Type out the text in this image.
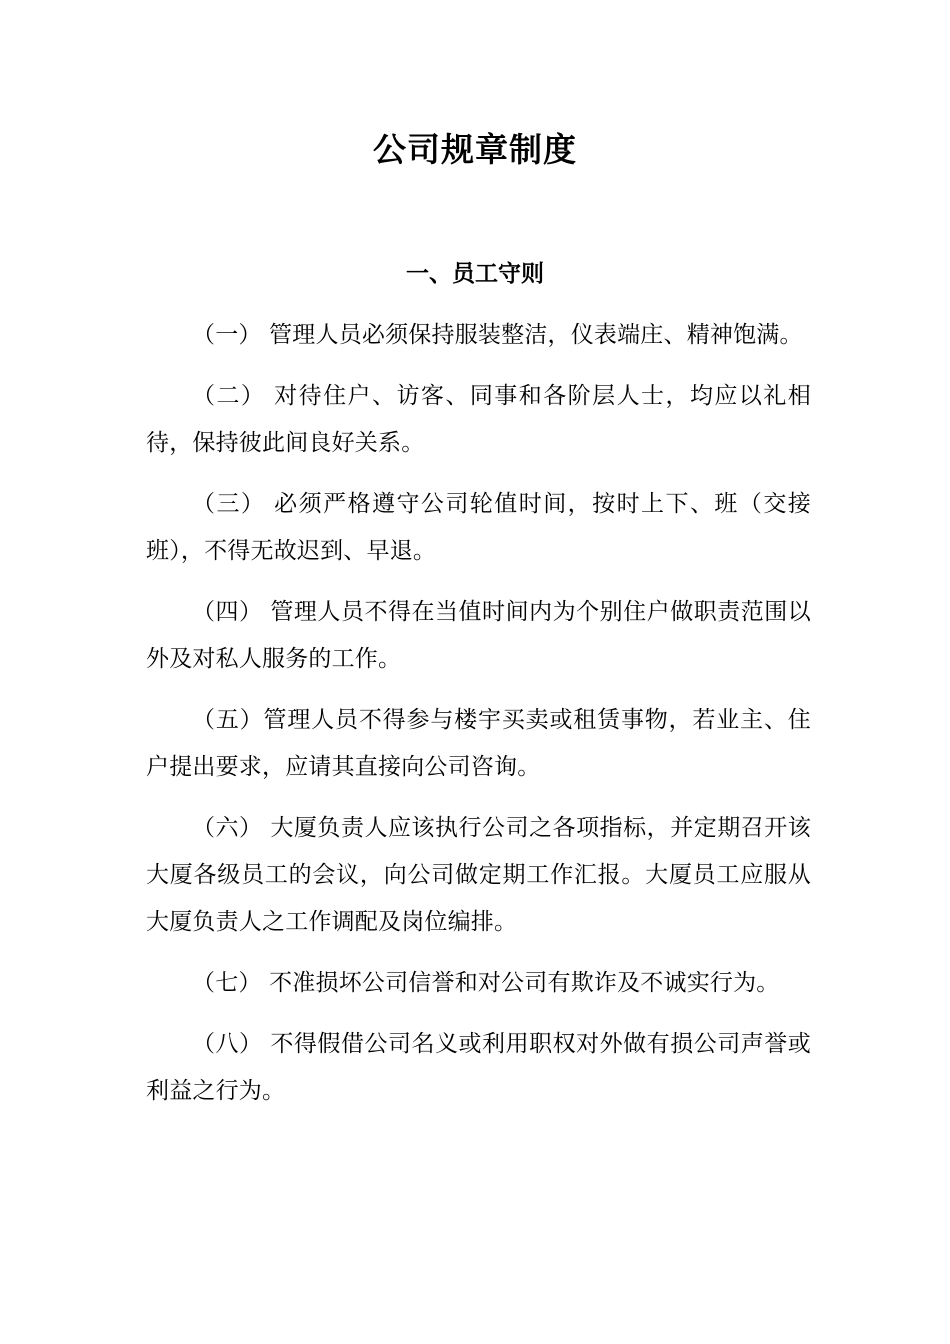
公司规章制度
一、员工守则

（一） 管理人员必须保持服装整洁，仪表端庄、精神饱满。

（二） 对待住户、访客、同事和各阶层人士，均应以礼相待，保持彼此间良好关系。

（三） 必须严格遵守公司轮值时间，按时上下、班（交接班），不得无故迟到、早退。

（四） 管理人员不得在当值时间内为个别住户做职责范围以外及对私人服务的工作。

（五）管理人员不得参与楼宇买卖或租赁事物，若业主、住户提出要求，应请其直接向公司咨询。

（六） 大厦负责人应该执行公司之各项指标，并定期召开该大厦各级员工的会议，向公司做定期工作汇报。大厦员工应服从大厦负责人之工作调配及岗位编排。

（七） 不准损坏公司信誉和对公司有欺诈及不诚实行为。

（八） 不得假借公司名义或利用职权对外做有损公司声誉或利益之行为。
